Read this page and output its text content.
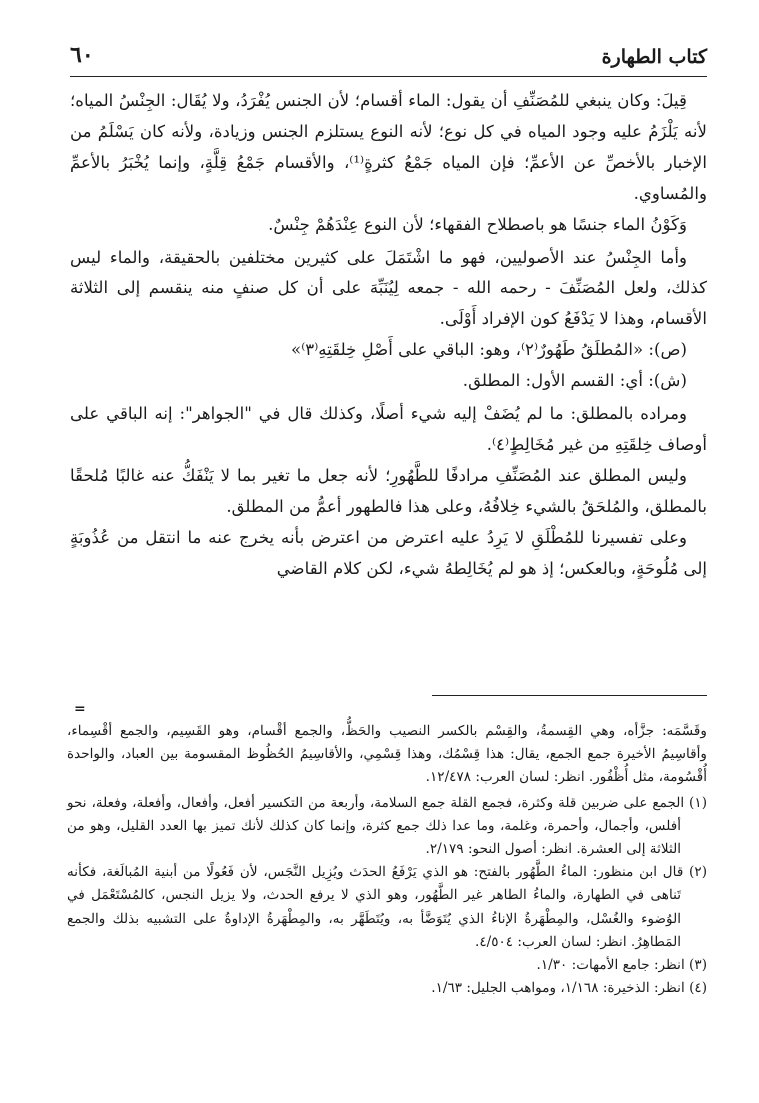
كتاب الطهارة
٦٠

قِيلَ: وكان ينبغي للمُصَنِّفِ أن يقول: الماء أقسام؛ لأن الجنس يُفْرَدُ، ولا يُقَال: الجِنْسُ المياه؛ لأنه يَلْزَمُ عليه وجود المياه في كل نوع؛ لأنه النوع يستلزم الجنس وزيادة، ولأنه كان يَسْلَمُ من الإخبار بالأخصِّ عن الأعمِّ؛ فإن المياه جَمْعُ كثرةٍ⁽¹⁾، والأقسام جَمْعُ قِلَّةٍ، وإنما يُخْبَرُ بالأعمِّ والمُساوي.

وَكَوْنُ الماء جنسًا هو باصطلاح الفقهاء؛ لأن النوع عِنْدَهُمْ جِنْسٌ.

وأما الجِنْسُ عند الأصوليين، فهو ما اشْتَمَلَ على كثيرين مختلفين بالحقيقة، والماء ليس كذلك، ولعل المُصَنِّفَ - رحمه الله - جمعه لِيُنَبِّهَ على أن كل صنفٍ منه ينقسم إلى الثلاثة الأقسام، وهذا لا يَدْفَعُ كون الإفراد أَوْلَى.

(ص): «المُطلَقُ طَهُورٌ⁽٢⁾، وهو: الباقي على أَصْلِ خِلقَتِهِ⁽٣⁾»

(ش): أي: القسم الأول: المطلق.

ومراده بالمطلق: ما لم يُضَفْ إليه شيء أصلًا، وكذلك قال في "الجواهر": إنه الباقي على أوصاف خِلقَتِهِ من غير مُخَالِطٍ⁽٤⁾.

وليس المطلق عند المُصَنِّفِ مرادفًا للطَّهُورِ؛ لأنه جعل ما تغير بما لا يَنْفَكُّ عنه غالبًا مُلحقًا بالمطلق، والمُلحَقُ بالشيء خِلافُهُ، وعلى هذا فالطهور أعمُّ من المطلق.

وعلى تفسيرنا للمُطْلَقِ لا يَرِدُ عليه اعترض من اعترض بأنه يخرج عنه ما انتقل من عُذُوبَةٍ إلى مُلُوحَةٍ، وبالعكس؛ إذ هو لم يُخَالِطهُ شيء، لكن كلام القاضي

=

وقَسَّمَه: جزَّأه، وهي القِسمةُ، والقِسْم بالكسر النصيب والحَظُّ، والجمع أقْسام، وهو القَسِيم، والجمع أقْسِماء، وأقاسِيمُ الأخيرة جمع الجمع، يقال: هذا قِسْمُك، وهذا قِسْمِي، والأقاسِيمُ الحُظُوظ المقسومة بين العباد، والواحدة أُقْسُومة، مثل أُظْفُور. انظر: لسان العرب: ١٢/٤٧٨.

(١) الجمع على ضربين قلة وكثرة، فجمع القلة جمع السلامة، وأربعة من التكسير أفعل، وأفعال، وأفعلة، وفعلة، نحو أفلس، وأجمال، وأحمرة، وغلمة، وما عدا ذلك جمع كثرة، وإنما كان كذلك لأنك تميز بها العدد القليل، وهو من الثلاثة إلى العشرة. انظر: أصول النحو: ٢/١٧٩.

(٢) قال ابن منظور: الماءُ الطَّهُور بالفتح: هو الذي يَرْفَعُ الحدَث ويُزِيل النَّجَس، لأن فَعُولًا من أبنية المُبالَغة، فكأنه تَناهى في الطهارة، والماءُ الطاهر غير الطَّهُور، وهو الذي لا يرفع الحدث، ولا يزيل النجس، كالمُسْتَعْمَل في الوُضوء والغُسْل، والمِطْهَرةُ الإناءُ الذي يُتَوَضَّأ به، ويُتَطَهَّر به، والمِطْهَرةُ الإداوةُ على التشبيه بذلك والجمع المَطاهِرُ. انظر: لسان العرب: ٤/٥٠٤.

(٣) انظر: جامع الأمهات: ١/٣٠.

(٤) انظر: الذخيرة: ١/١٦٨، ومواهب الجليل: ١/٦٣.
